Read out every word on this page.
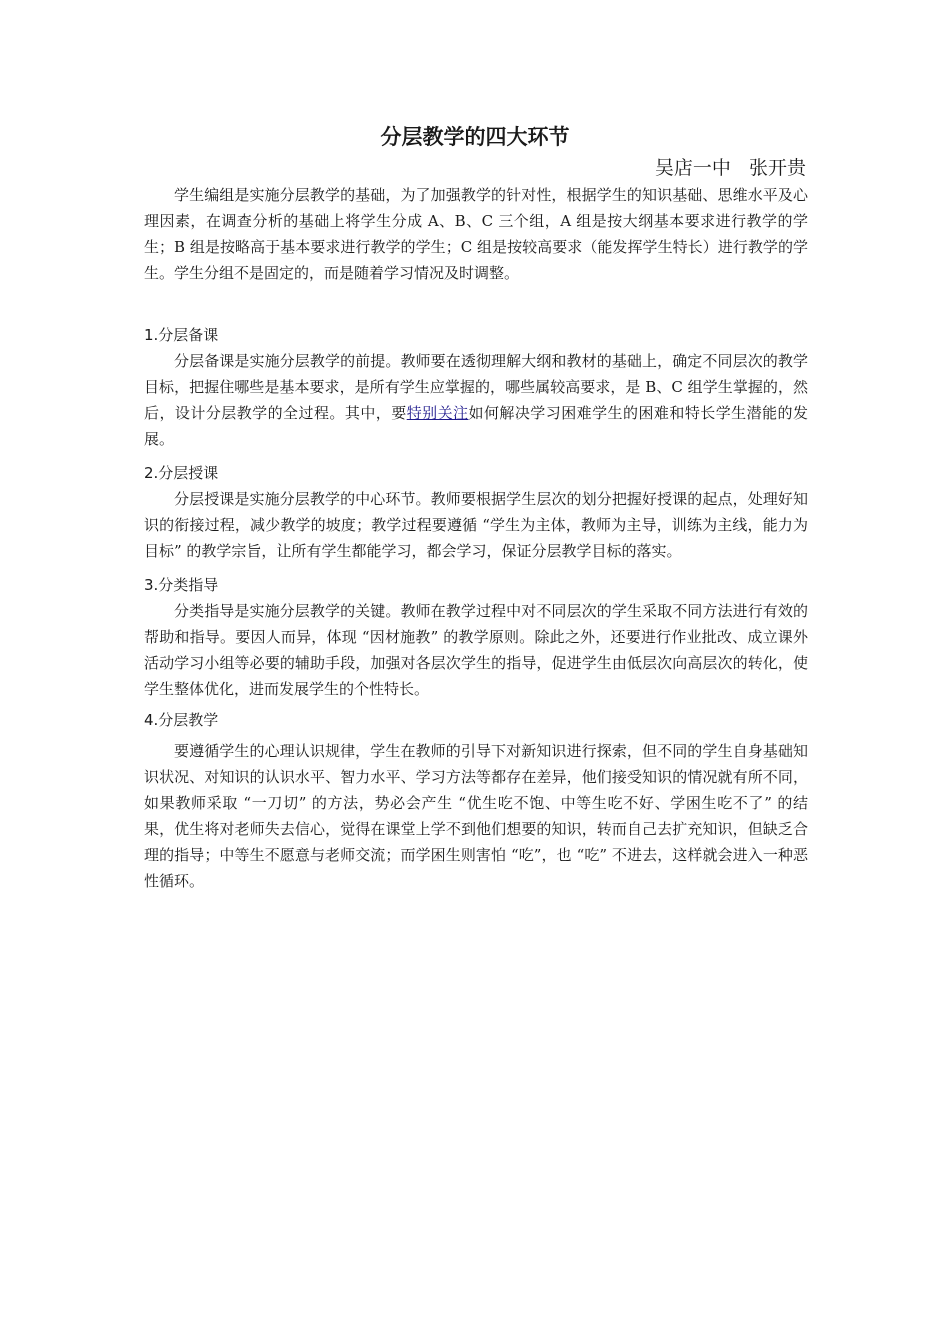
分层教学的四大环节
吴店一中   张开贵

学生编组是实施分层教学的基础，为了加强教学的针对性，根据学生的知识基础、思维水平及心理因素，在调查分析的基础上将学生分成 A、B、C 三个组，A 组是按大纲基本要求进行教学的学生；B 组是按略高于基本要求进行教学的学生；C 组是按较高要求（能发挥学生特长）进行教学的学生。学生分组不是固定的，而是随着学习情况及时调整。

1.分层备课

分层备课是实施分层教学的前提。教师要在透彻理解大纲和教材的基础上，确定不同层次的教学目标，把握住哪些是基本要求，是所有学生应掌握的，哪些属较高要求，是 B、C 组学生掌握的，然后，设计分层教学的全过程。其中，要特别关注如何解决学习困难学生的困难和特长学生潜能的发展。

2.分层授课

分层授课是实施分层教学的中心环节。教师要根据学生层次的划分把握好授课的起点，处理好知识的衔接过程，减少教学的坡度；教学过程要遵循 “学生为主体，教师为主导，训练为主线，能力为目标” 的教学宗旨，让所有学生都能学习，都会学习，保证分层教学目标的落实。

3.分类指导

分类指导是实施分层教学的关键。教师在教学过程中对不同层次的学生采取不同方法进行有效的帮助和指导。要因人而异，体现 “因材施教” 的教学原则。除此之外，还要进行作业批改、成立课外活动学习小组等必要的辅助手段，加强对各层次学生的指导，促进学生由低层次向高层次的转化，使学生整体优化，进而发展学生的个性特长。

4.分层教学

要遵循学生的心理认识规律，学生在教师的引导下对新知识进行探索，但不同的学生自身基础知识状况、对知识的认识水平、智力水平、学习方法等都存在差异，他们接受知识的情况就有所不同，如果教师采取 “一刀切” 的方法，势必会产生 “优生吃不饱、中等生吃不好、学困生吃不了” 的结果，优生将对老师失去信心，觉得在课堂上学不到他们想要的知识，转而自己去扩充知识，但缺乏合理的指导；中等生不愿意与老师交流；而学困生则害怕 “吃”，也 “吃” 不进去，这样就会进入一种恶性循环。
